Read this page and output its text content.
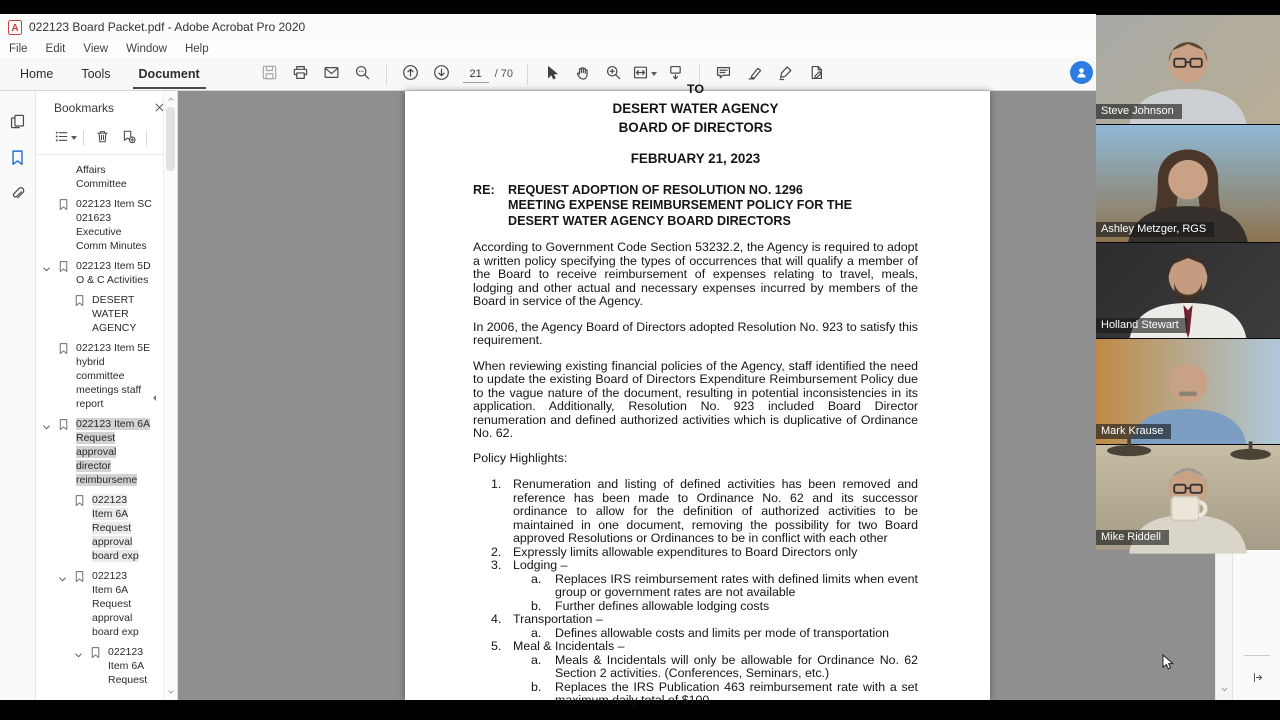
A 022123 Board Packet.pdf - Adobe Acrobat Pro 2020
File	Edit	View	Window	Help
Home	Tools	Document
21	/ 70
Bookmarks
Affairs Committee
022123 Item SC 021623 Executive Comm Minutes
022123 Item 5D O & C Activities
DESERT WATER AGENCY
022123 Item 5E hybrid committee meetings staff report
022123 Item 6A Request approval director reimburseme
022123 Item 6A Request approval board exp
022123 Item 6A Request approval board exp
022123 Item 6A Request
TO
DESERT WATER AGENCY
BOARD OF DIRECTORS
FEBRUARY 21, 2023
RE:	REQUEST ADOPTION OF RESOLUTION NO. 1296
MEETING EXPENSE REIMBURSEMENT POLICY FOR THE
DESERT WATER AGENCY BOARD DIRECTORS

According to Government Code Section 53232.2, the Agency is required to adopt a written policy specifying the types of occurrences that will qualify a member of the Board to receive reimbursement of expenses relating to travel, meals, lodging and other actual and necessary expenses incurred by members of the Board in service of the Agency.

In 2006, the Agency Board of Directors adopted Resolution No. 923 to satisfy this requirement.

When reviewing existing financial policies of the Agency, staff identified the need to update the existing Board of Directors Expenditure Reimbursement Policy due to the vague nature of the document, resulting in potential inconsistencies in its application. Additionally, Resolution No. 923 included Board Director renumeration and defined authorized activities which is duplicative of Ordinance No. 62.

Policy Highlights:
1. Renumeration and listing of defined activities has been removed and reference has been made to Ordinance No. 62 and its successor ordinance to allow for the definition of authorized activities to be maintained in one document, removing the possibility for two Board approved Resolutions or Ordinances to be in conflict with each other
2. Expressly limits allowable expenditures to Board Directors only
3. Lodging –
a.	Replaces IRS reimbursement rates with defined limits when event group or government rates are not available
b.	Further defines allowable lodging costs
4. Transportation –
a.	Defines allowable costs and limits per mode of transportation
5. Meal & Incidentals –
a.	Meals & Incidentals will only be allowable for Ordinance No. 62 Section 2 activities. (Conferences, Seminars, etc.)
b.	Replaces the IRS Publication 463 reimbursement rate with a set maximum daily total of $100
Steve Johnson
Ashley Metzger, RGS
Holland Stewart
Mark Krause
Mike Riddell
